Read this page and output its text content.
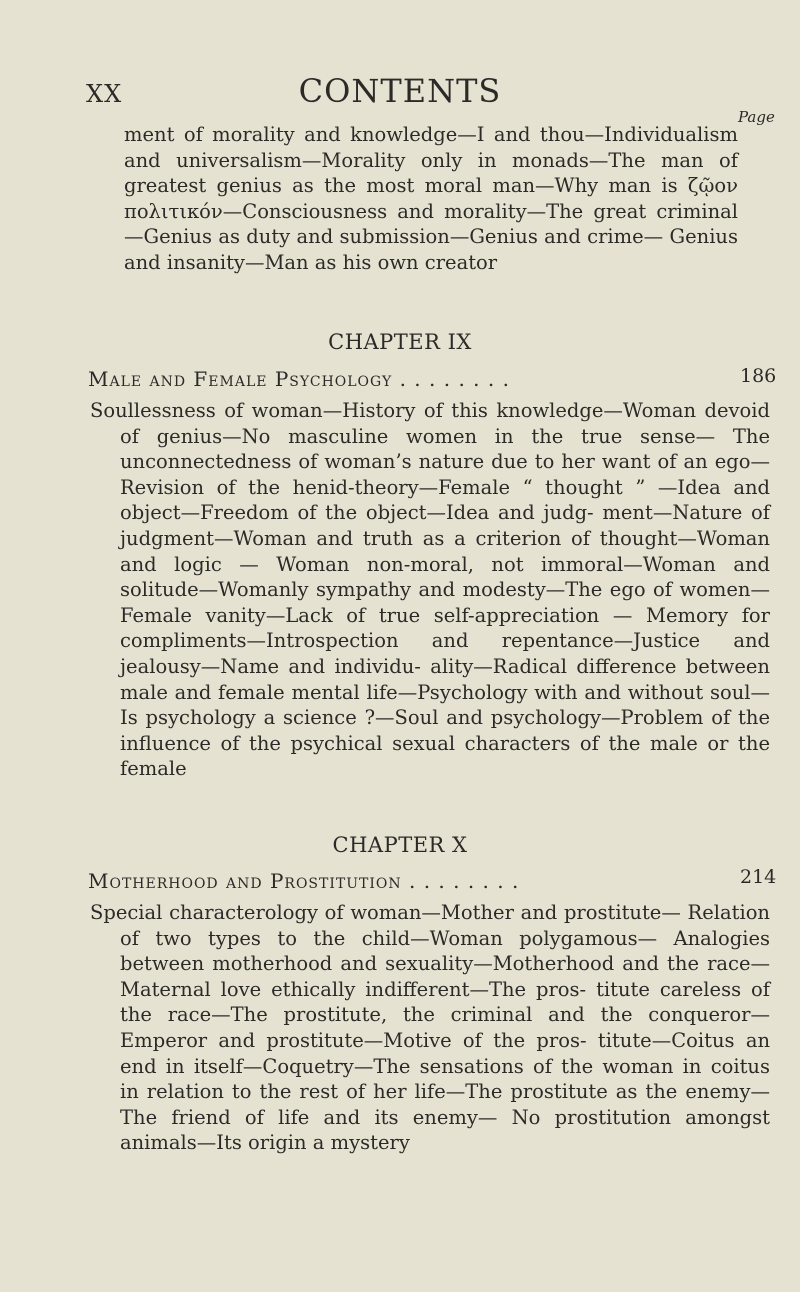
XX	CONTENTS
Page

ment of morality and knowledge—I and thou—Individualism and universalism—Morality only in monads—The man of greatest genius as the most moral man—Why man is ζῷον πολιτικόν—Consciousness and morality—The great criminal —Genius as duty and submission—Genius and crime— Genius and insanity—Man as his own creator

CHAPTER IX
Male and Female Psychology . . . . . . . .	186

Soullessness of woman—History of this knowledge—Woman devoid of genius—No masculine women in the true sense— The unconnectedness of woman’s nature due to her want of an ego—Revision of the henid-theory—Female “ thought ” —Idea and object—Freedom of the object—Idea and judg- ment—Nature of judgment—Woman and truth as a criterion of thought—Woman and logic — Woman non-moral, not immoral—Woman and solitude—Womanly sympathy and modesty—The ego of women—Female vanity—Lack of true self-appreciation — Memory for compliments—Introspection and repentance—Justice and jealousy—Name and individu- ality—Radical difference between male and female mental life—Psychology with and without soul—Is psychology a science ?—Soul and psychology—Problem of the influence of the psychical sexual characters of the male or the female

CHAPTER X
Motherhood and Prostitution . . . . . . . .	214

Special characterology of woman—Mother and prostitute— Relation of two types to the child—Woman polygamous— Analogies between motherhood and sexuality—Motherhood and the race—Maternal love ethically indifferent—The pros- titute careless of the race—The prostitute, the criminal and the conqueror—Emperor and prostitute—Motive of the pros- titute—Coitus an end in itself—Coquetry—The sensations of the woman in coitus in relation to the rest of her life—The prostitute as the enemy—The friend of life and its enemy— No prostitution amongst animals—Its origin a mystery
